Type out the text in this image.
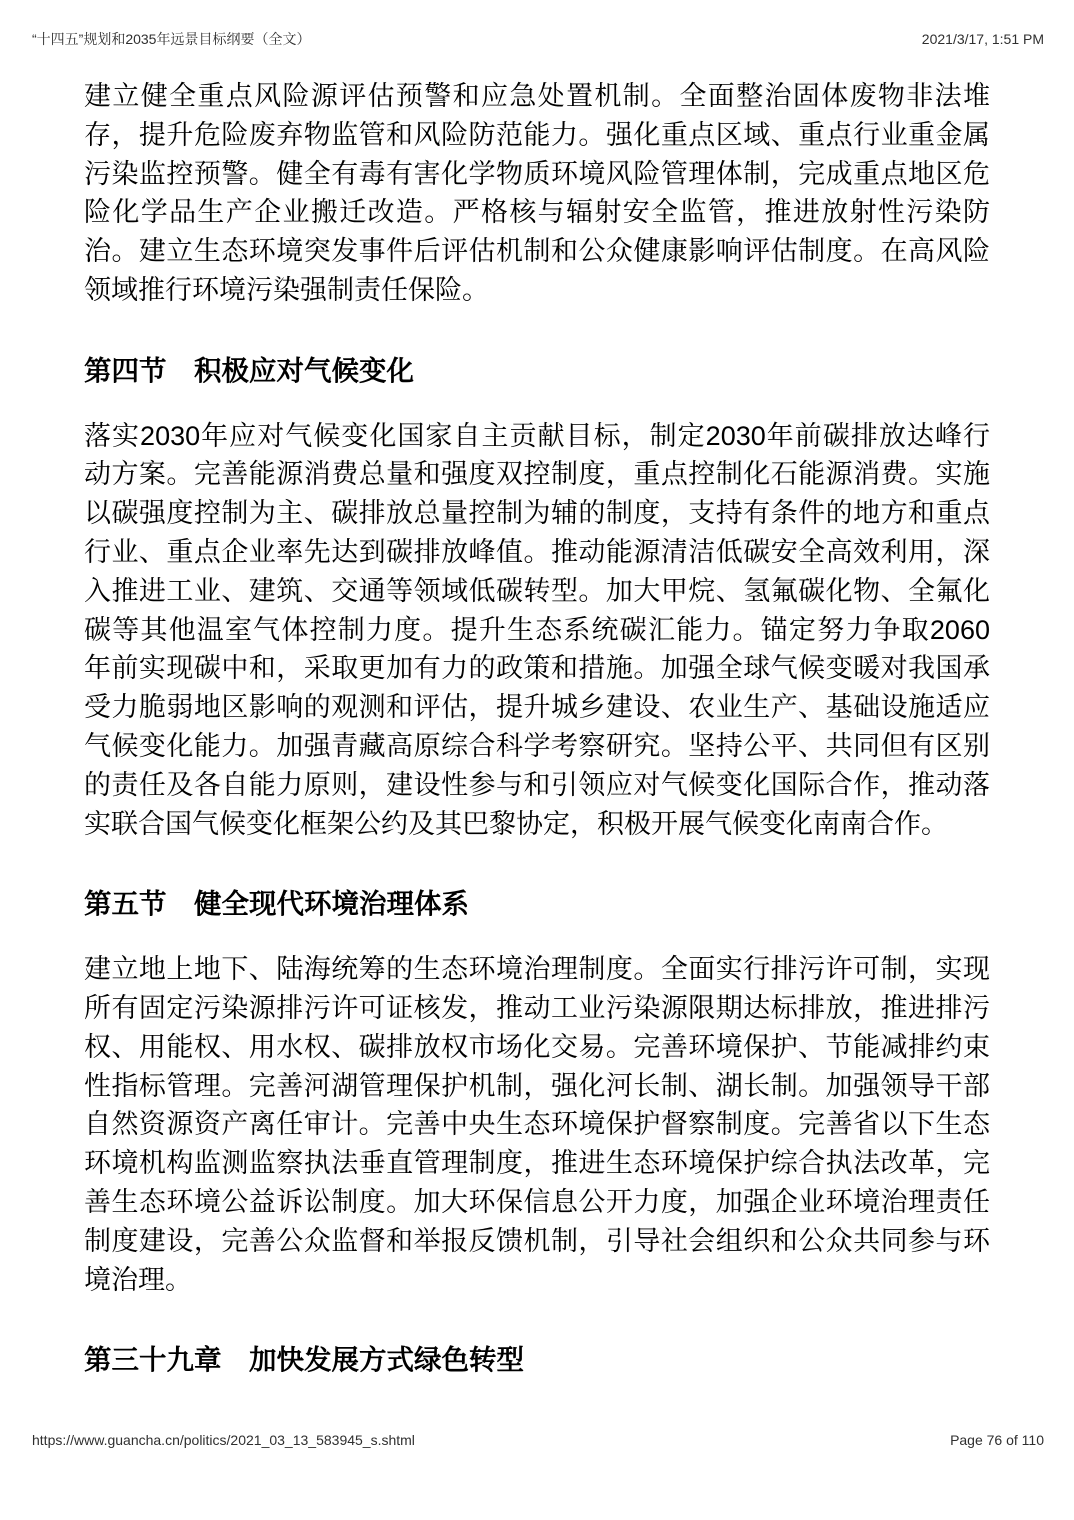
“十四五”规划和2035年远景目标纲要（全文）	2021/3/17, 1:51 PM
建立健全重点风险源评估预警和应急处置机制。全面整治固体废物非法堆
存，提升危险废弃物监管和风险防范能力。强化重点区域、重点行业重金属
污染监控预警。健全有毒有害化学物质环境风险管理体制，完成重点地区危
险化学品生产企业搬迁改造。严格核与辐射安全监管，推进放射性污染防
治。建立生态环境突发事件后评估机制和公众健康影响评估制度。在高风险
领域推行环境污染强制责任保险。
第四节　积极应对气候变化
落实2030年应对气候变化国家自主贡献目标，制定2030年前碳排放达峰行
动方案。完善能源消费总量和强度双控制度，重点控制化石能源消费。实施
以碳强度控制为主、碳排放总量控制为辅的制度，支持有条件的地方和重点
行业、重点企业率先达到碳排放峰值。推动能源清洁低碳安全高效利用，深
入推进工业、建筑、交通等领域低碳转型。加大甲烷、氢氟碳化物、全氟化
碳等其他温室气体控制力度。提升生态系统碳汇能力。锚定努力争取2060
年前实现碳中和，采取更加有力的政策和措施。加强全球气候变暖对我国承
受力脆弱地区影响的观测和评估，提升城乡建设、农业生产、基础设施适应
气候变化能力。加强青藏高原综合科学考察研究。坚持公平、共同但有区别
的责任及各自能力原则，建设性参与和引领应对气候变化国际合作，推动落
实联合国气候变化框架公约及其巴黎协定，积极开展气候变化南南合作。
第五节　健全现代环境治理体系
建立地上地下、陆海统筹的生态环境治理制度。全面实行排污许可制，实现
所有固定污染源排污许可证核发，推动工业污染源限期达标排放，推进排污
权、用能权、用水权、碳排放权市场化交易。完善环境保护、节能减排约束
性指标管理。完善河湖管理保护机制，强化河长制、湖长制。加强领导干部
自然资源资产离任审计。完善中央生态环境保护督察制度。完善省以下生态
环境机构监测监察执法垂直管理制度，推进生态环境保护综合执法改革，完
善生态环境公益诉讼制度。加大环保信息公开力度，加强企业环境治理责任
制度建设，完善公众监督和举报反馈机制，引导社会组织和公众共同参与环
境治理。
第三十九章　加快发展方式绿色转型
https://www.guancha.cn/politics/2021_03_13_583945_s.shtml	Page 76 of 110
